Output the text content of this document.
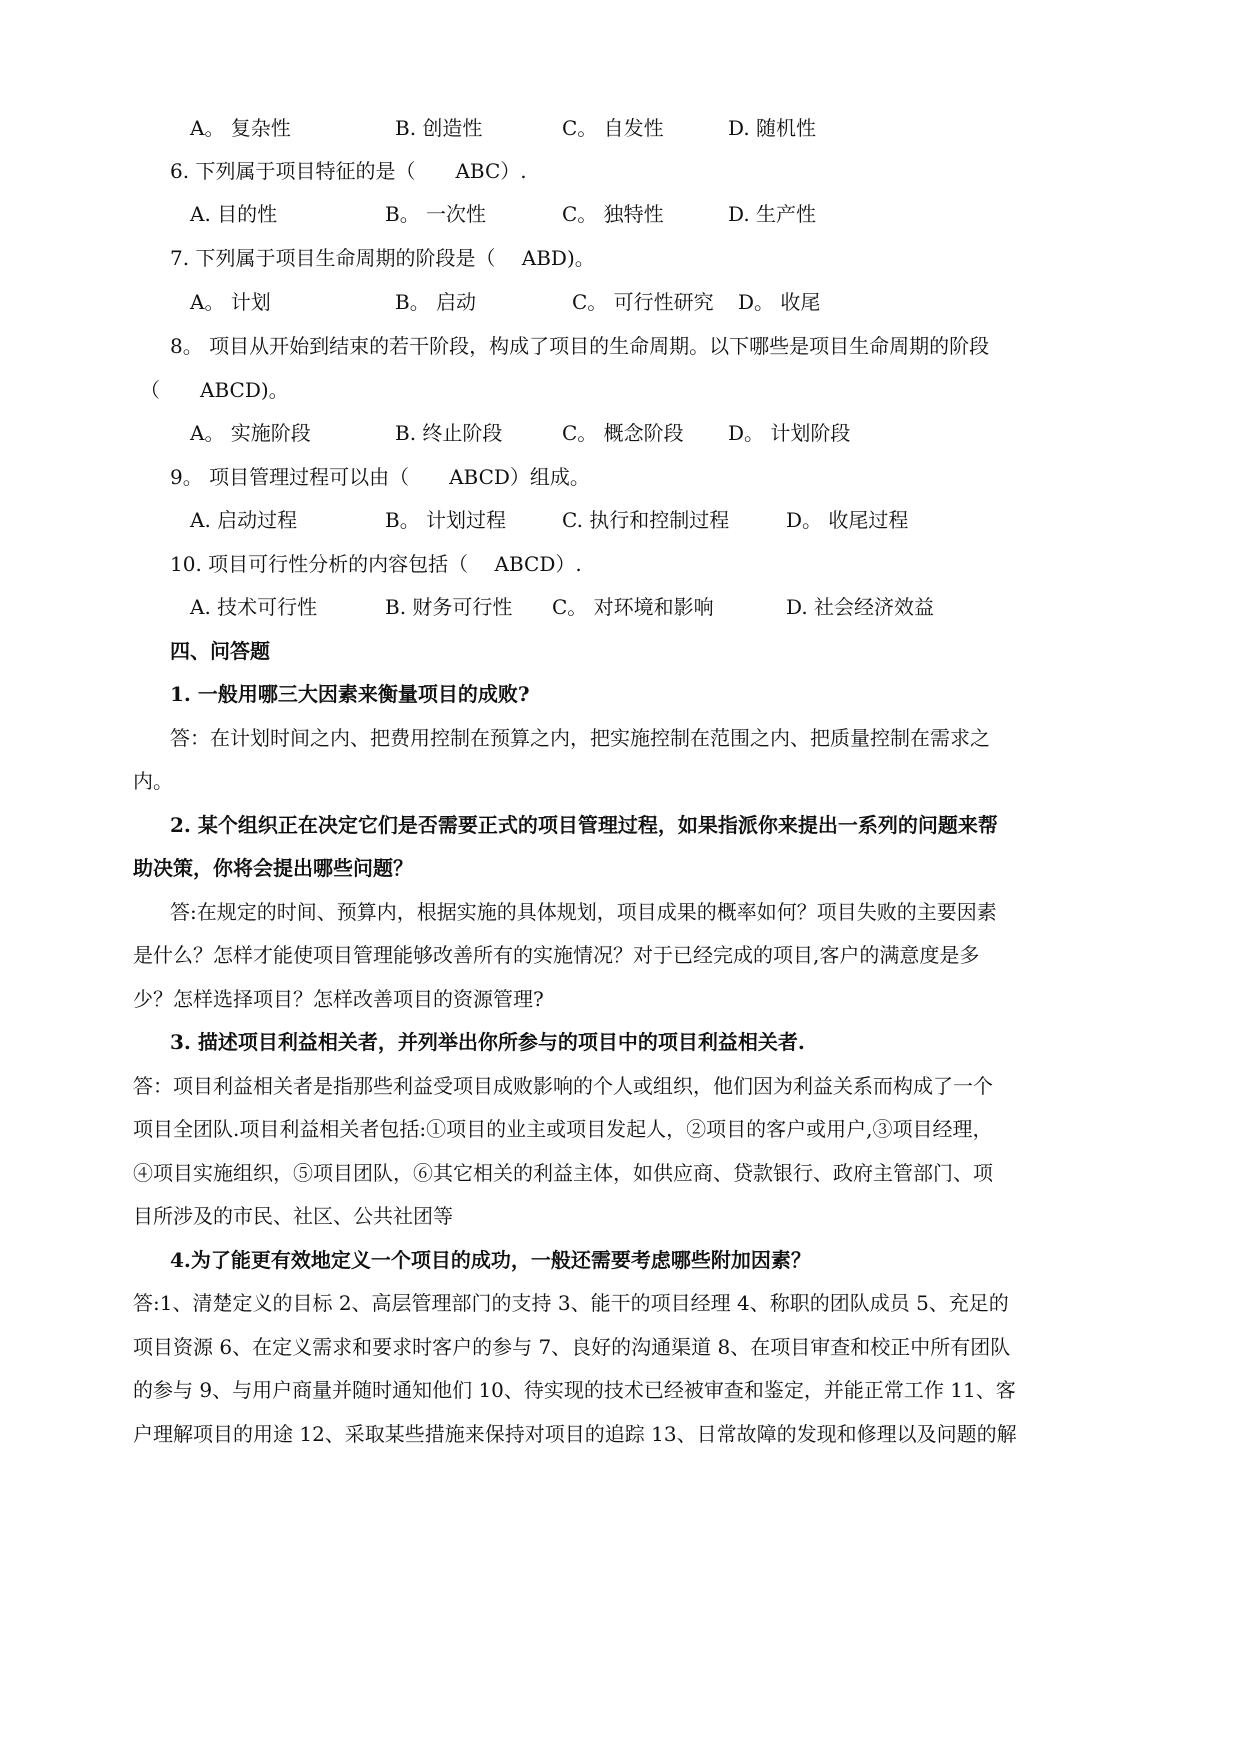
A。 复杂性	B. 创造性	C。 自发性	D. 随机性
6. 下列属于项目特征的是（　　ABC）.
A. 目的性	B。 一次性	C。 独特性	D. 生产性
7. 下列属于项目生命周期的阶段是（　 ABD)。
A。 计划	B。 启动	C。 可行性研究 D。 收尾
8。 项目从开始到结束的若干阶段，构成了项目的生命周期。以下哪些是项目生命周期的阶段
（　　ABCD)。
A。 实施阶段	B. 终止阶段	C。 概念阶段 D。 计划阶段
9。 项目管理过程可以由（　　ABCD）组成。
A. 启动过程	B。 计划过程	C. 执行和控制过程	D。 收尾过程
10. 项目可行性分析的内容包括（　 ABCD）.
A. 技术可行性	B. 财务可行性 C。 对环境和影响	D. 社会经济效益
四、问答题
1. 一般用哪三大因素来衡量项目的成败?
答：在计划时间之内、把费用控制在预算之内，把实施控制在范围之内、把质量控制在需求之
内。
2. 某个组织正在决定它们是否需要正式的项目管理过程，如果指派你来提出一系列的问题来帮
助决策，你将会提出哪些问题？
答:在规定的时间、预算内，根据实施的具体规划，项目成果的概率如何？项目失败的主要因素
是什么？怎样才能使项目管理能够改善所有的实施情况？对于已经完成的项目,客户的满意度是多
少？怎样选择项目？怎样改善项目的资源管理?
3. 描述项目利益相关者，并列举出你所参与的项目中的项目利益相关者.
答：项目利益相关者是指那些利益受项目成败影响的个人或组织，他们因为利益关系而构成了一个
项目全团队.项目利益相关者包括:①项目的业主或项目发起人，②项目的客户或用户,③项目经理，
④项目实施组织，⑤项目团队，⑥其它相关的利益主体，如供应商、贷款银行、政府主管部门、项
目所涉及的市民、社区、公共社团等
4.为了能更有效地定义一个项目的成功，一般还需要考虑哪些附加因素？
答:1、清楚定义的目标 2、高层管理部门的支持 3、能干的项目经理 4、称职的团队成员 5、充足的
项目资源 6、在定义需求和要求时客户的参与 7、良好的沟通渠道 8、在项目审查和校正中所有团队
的参与 9、与用户商量并随时通知他们 10、待实现的技术已经被审查和鉴定，并能正常工作 11、客
户理解项目的用途 12、采取某些措施来保持对项目的追踪 13、日常故障的发现和修理以及问题的解
